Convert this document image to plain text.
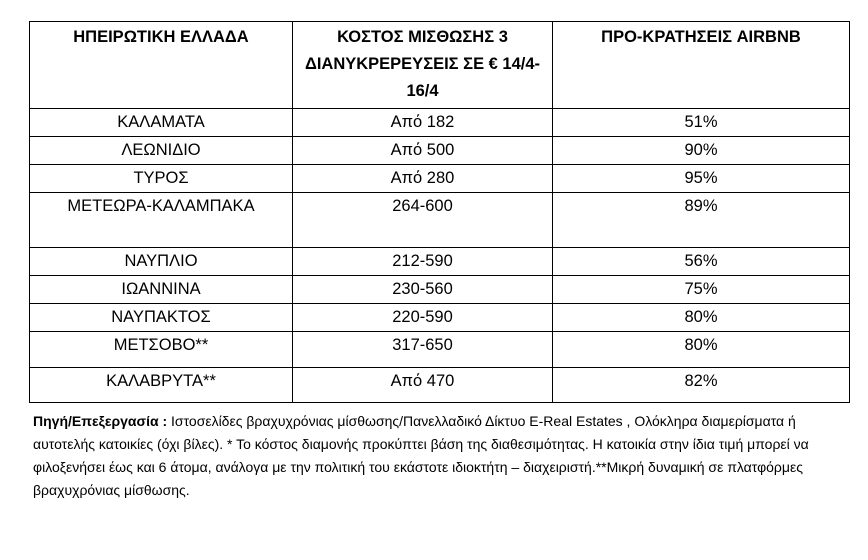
ΗΠΕΙΡΩΤΙΚΗ ΕΛΛΑΔΑ	ΚΟΣΤΟΣ ΜΙΣΘΩΣΗΣ 3 ΔΙΑΝΥΚΡΕΡΕΥΣΕΙΣ ΣΕ € 14/4-16/4	ΠΡΟ-ΚΡΑΤΗΣΕΙΣ AIRBNB
ΚΑΛΑΜΑΤΑ	Από 182	51%
ΛΕΩΝΙΔΙΟ	Από 500	90%
ΤΥΡΟΣ	Από 280	95%
ΜΕΤΕΩΡΑ-ΚΑΛΑΜΠΑΚΑ	264-600	89%
ΝΑΥΠΛΙΟ	212-590	56%
ΙΩΑΝΝΙΝΑ	230-560	75%
ΝΑΥΠΑΚΤΟΣ	220-590	80%
ΜΕΤΣΟΒΟ**	317-650	80%
ΚΑΛΑΒΡΥΤΑ**	Από 470	82%
Πηγή/Επεξεργασία : Ιστοσελίδες βραχυχρόνιας μίσθωσης/Πανελλαδικό Δίκτυο E-Real Estates , Ολόκληρα διαμερίσματα ή αυτοτελής κατοικίες (όχι βίλες). * Το κόστος διαμονής προκύπτει βάση της διαθεσιμότητας. Η κατοικία στην ίδια τιμή μπορεί να φιλοξενήσει έως και 6 άτομα, ανάλογα με την πολιτική του εκάστοτε ιδιοκτήτη – διαχειριστή.**Μικρή δυναμική σε πλατφόρμες βραχυχρόνιας μίσθωσης.
